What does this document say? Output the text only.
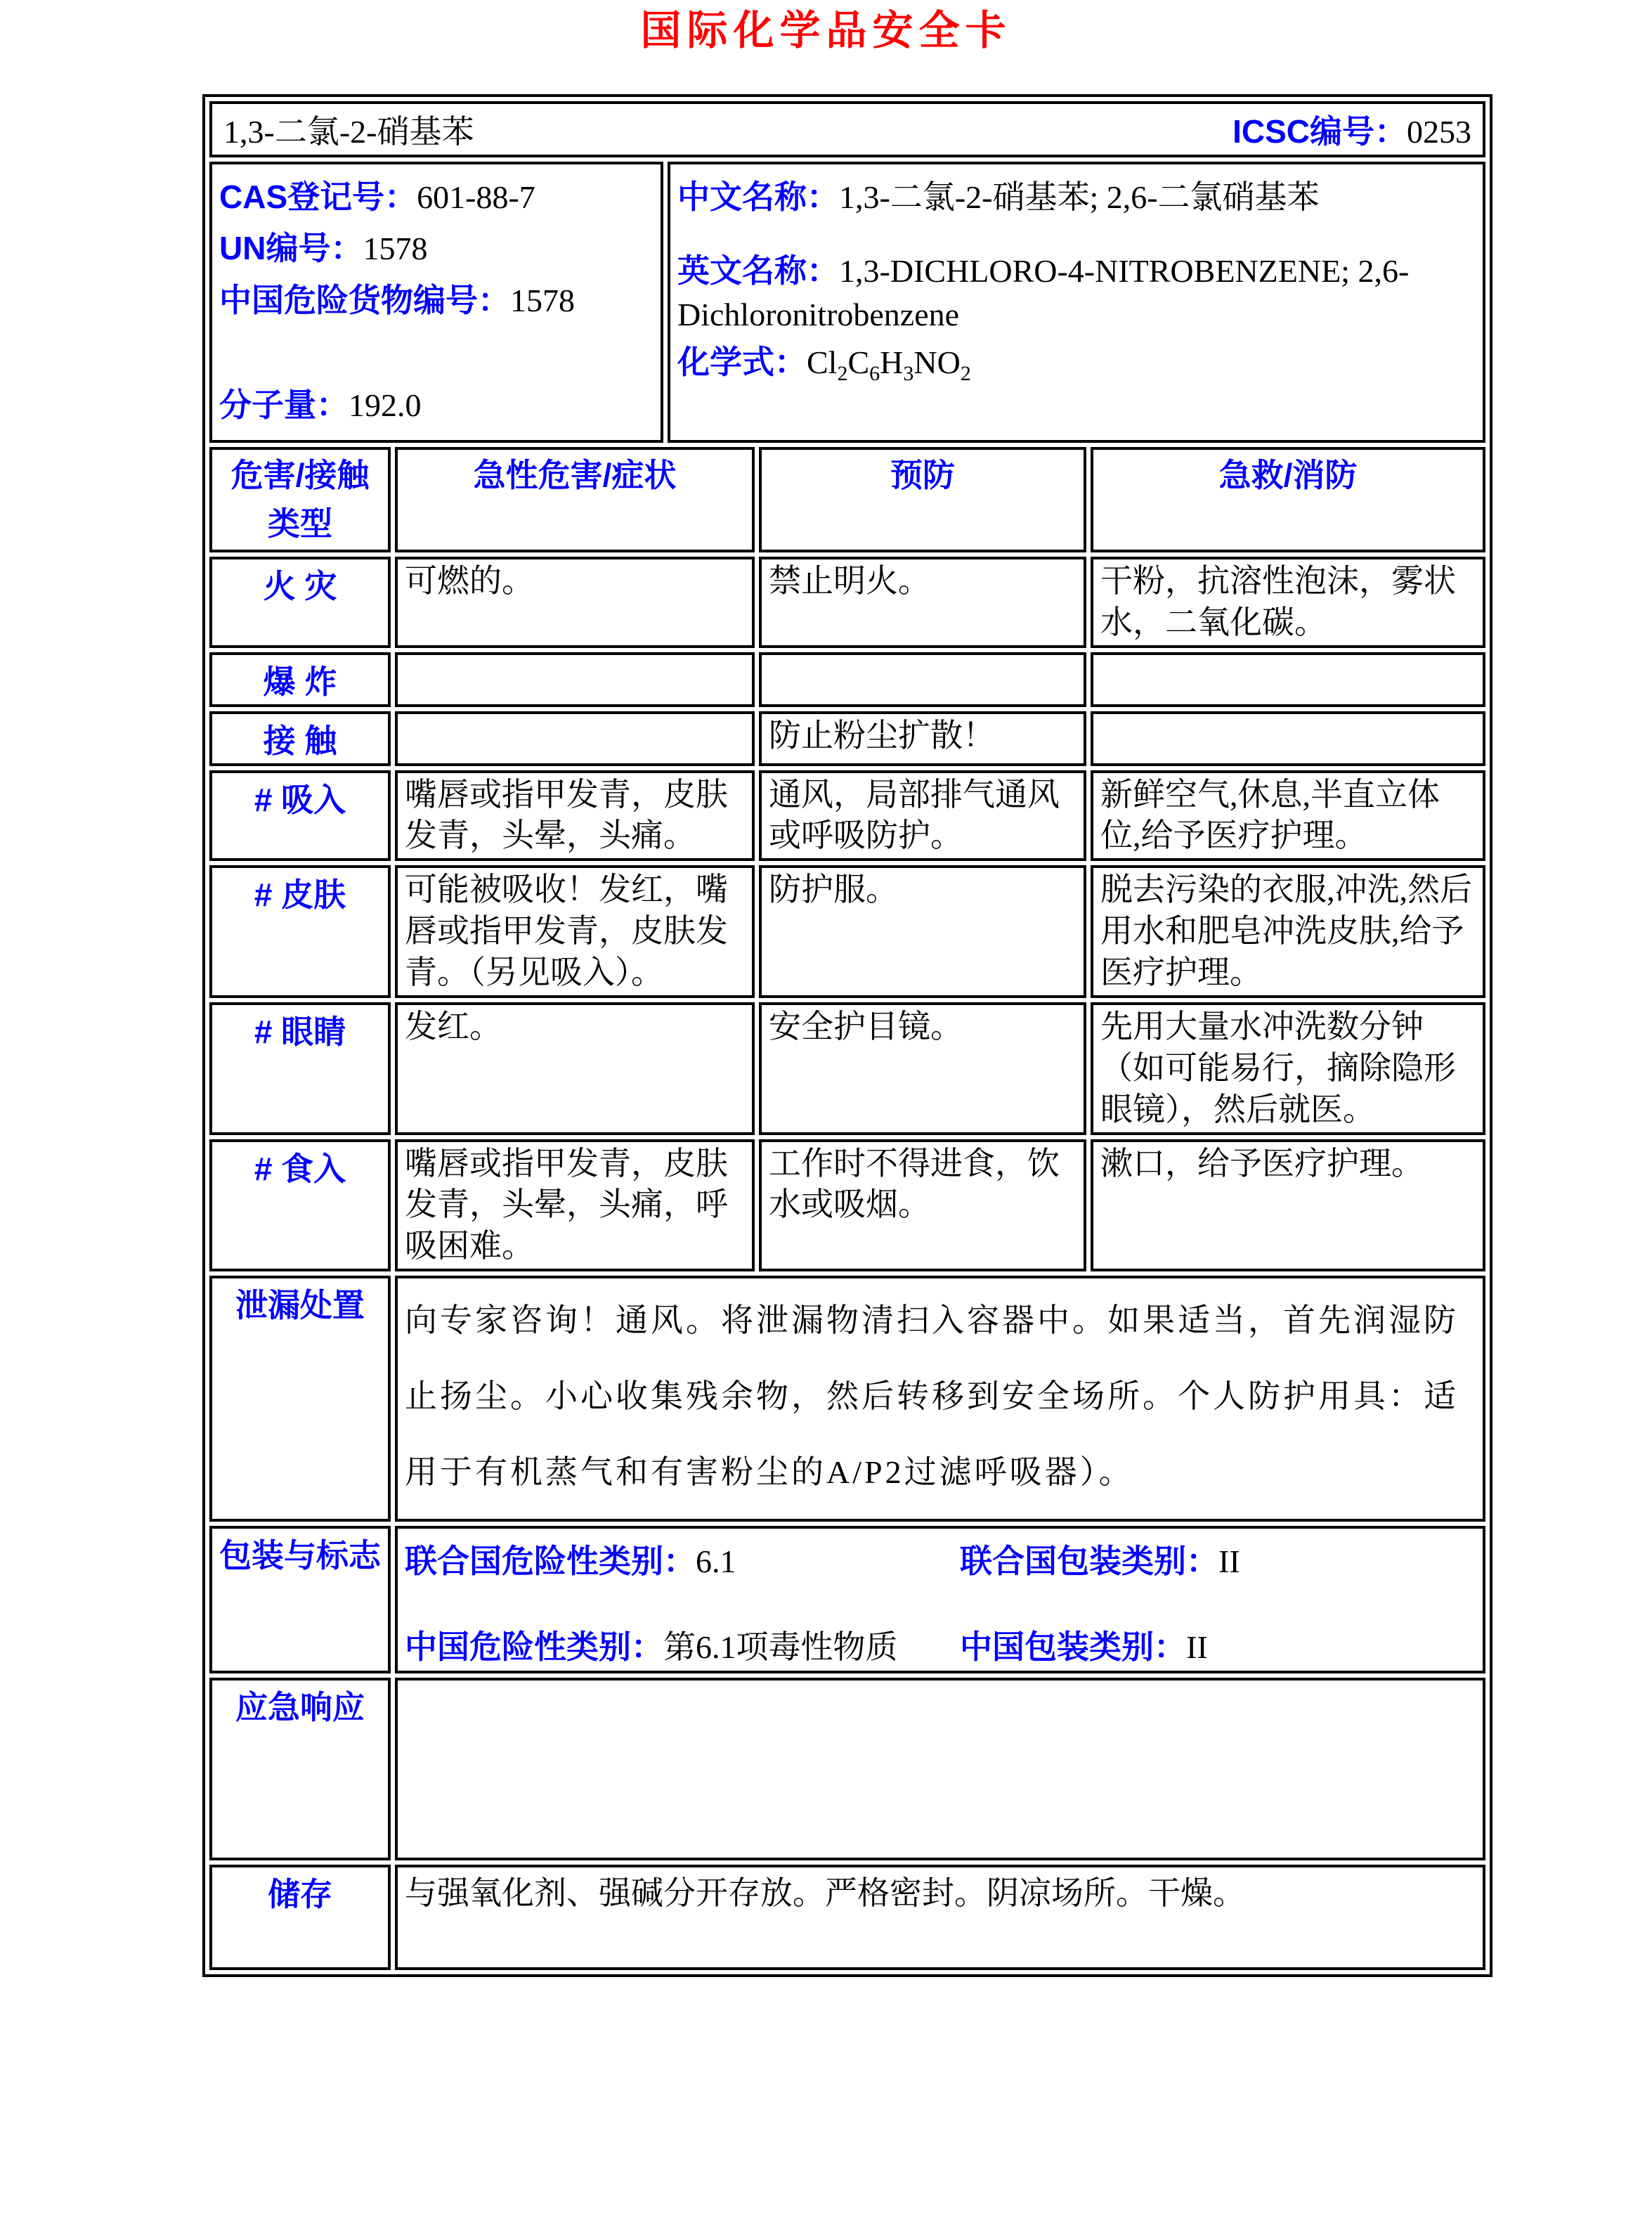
国际化学品安全卡
1,3-二氯-2-硝基苯 ICSC编号：0253				

CAS登记号：601-88-7
UN编号：1578
中国危险货物编号：1578
分子量：192.0

中文名称：1,3-二氯-2-硝基苯; 2,6-二氯硝基苯
英文名称：1,3-DICHLORO-4-NITROBENZENE; 2,6-Dichloronitrobenzene
化学式：$Cl_2C_6H_3NO_2$

危害/接触
类型	急性危害/症状		预防	急救/消防
火 灾	可燃的。		禁止明火。	干粉，抗溶性泡沫，雾状水，二氧化碳。

爆 炸		

接 触			防止粉尘扩散！	

# 吸入	嘴唇或指甲发青，皮肤发青，头晕，头痛。		通风，局部排气通风或呼吸防护。	新鲜空气,休息,半直立体位,给予医疗护理。

# 皮肤	可能被吸收！发红，嘴唇或指甲发青，皮肤发青。（另见吸入）。		防护服。	脱去污染的衣服,冲洗,然后用水和肥皂冲洗皮肤,给予医疗护理。

# 眼睛	发红。		安全护目镜。	先用大量水冲洗数分钟（如可能易行，摘除隐形眼镜），然后就医。

# 食入	嘴唇或指甲发青，皮肤发青，头晕，头痛，呼吸困难。		工作时不得进食，饮水或吸烟。	漱口，给予医疗护理。

泄漏处置	向专家咨询！通风。将泄漏物清扫入容器中。如果适当，首先润湿防止扬尘。小心收集残余物，然后转移到安全场所。个人防护用具：适用于有机蒸气和有害粉尘的A/P2过滤呼吸器）。			

包装与标志	联合国危险性类别：6.1 联合国包装类别：II
中国危险性类别：第6.1项毒性物质 中国包装类别：II			

应急响应				

储存	与强氧化剂、强碱分开存放。严格密封。阴凉场所。干燥。			
